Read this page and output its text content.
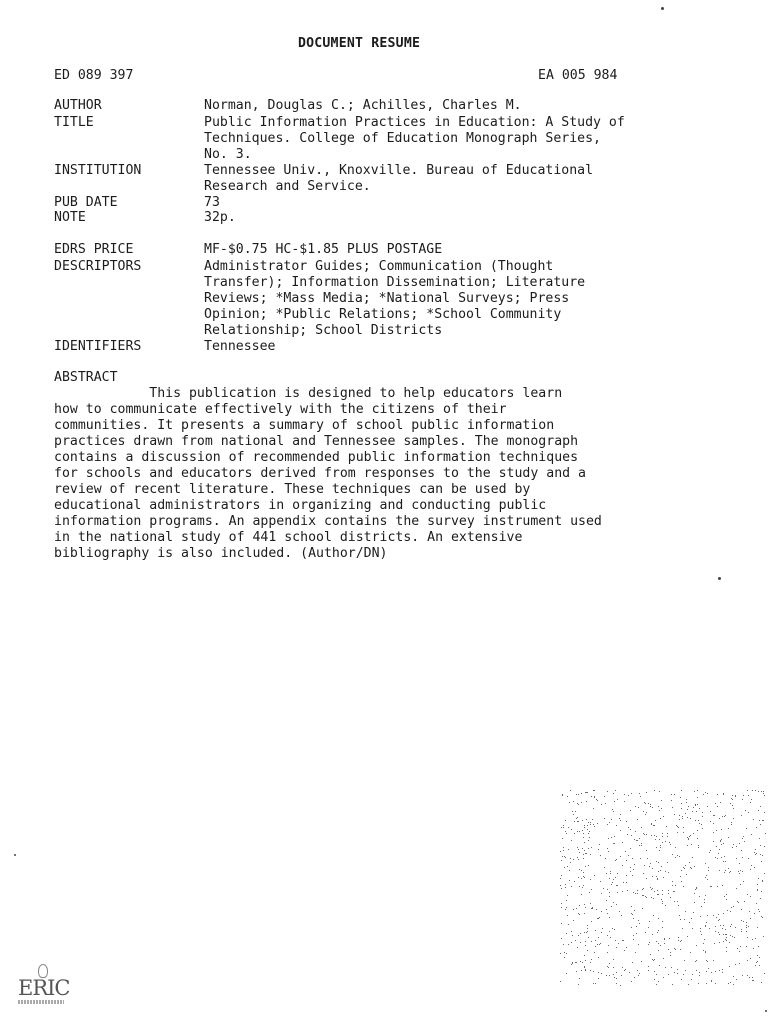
DOCUMENT RESUME
ED 089 397	EA 005 984
AUTHOR	Norman, Douglas C.; Achilles, Charles M.
TITLE	Public Information Practices in Education: A Study of
Techniques. College of Education Monograph Series,
No. 3.
INSTITUTION	Tennessee Univ., Knoxville. Bureau of Educational
Research and Service.
PUB DATE	73
NOTE	32p.
EDRS PRICE	MF-$0.75 HC-$1.85 PLUS POSTAGE
DESCRIPTORS	Administrator Guides; Communication (Thought
Transfer); Information Dissemination; Literature
Reviews; *Mass Media; *National Surveys; Press
Opinion; *Public Relations; *School Community
Relationship; School Districts
IDENTIFIERS	Tennessee
ABSTRACT
This publication is designed to help educators learn
how to communicate effectively with the citizens of their
communities. It presents a summary of school public information
practices drawn from national and Tennessee samples. The monograph
contains a discussion of recommended public information techniques
for schools and educators derived from responses to the study and a
review of recent literature. These techniques can be used by
educational administrators in organizing and conducting public
information programs. An appendix contains the survey instrument used
in the national study of 441 school districts. An extensive
bibliography is also included. (Author/DN)
ERIC
